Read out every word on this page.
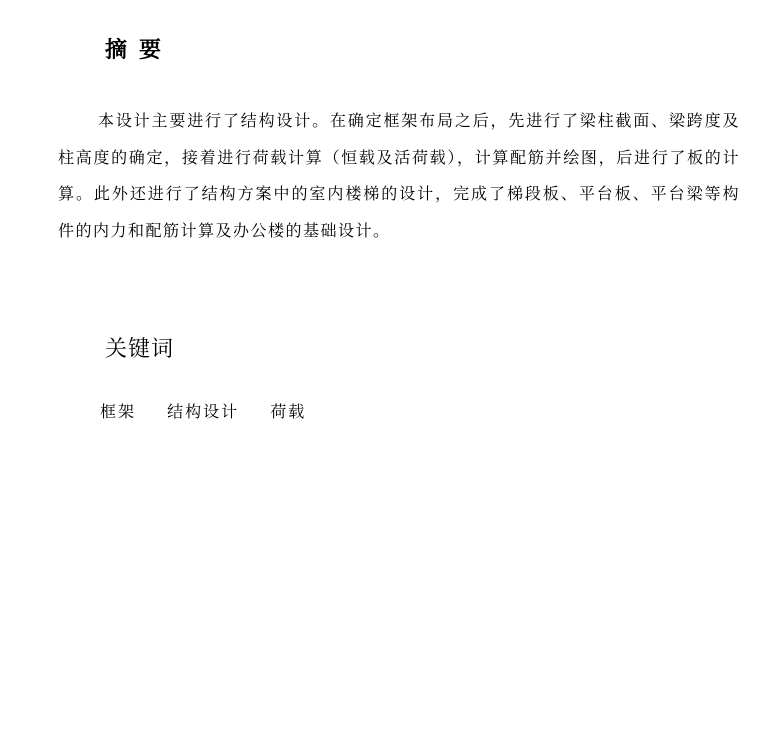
摘要
本设计主要进行了结构设计。在确定框架布局之后，先进行了梁柱截面、梁跨度及柱高度的确定，接着进行荷载计算（恒载及活荷载），计算配筋并绘图，后进行了板的计算。此外还进行了结构方案中的室内楼梯的设计，完成了梯段板、平台板、平台梁等构件的内力和配筋计算及办公楼的基础设计。
关键词
框架 结构设计 荷载
